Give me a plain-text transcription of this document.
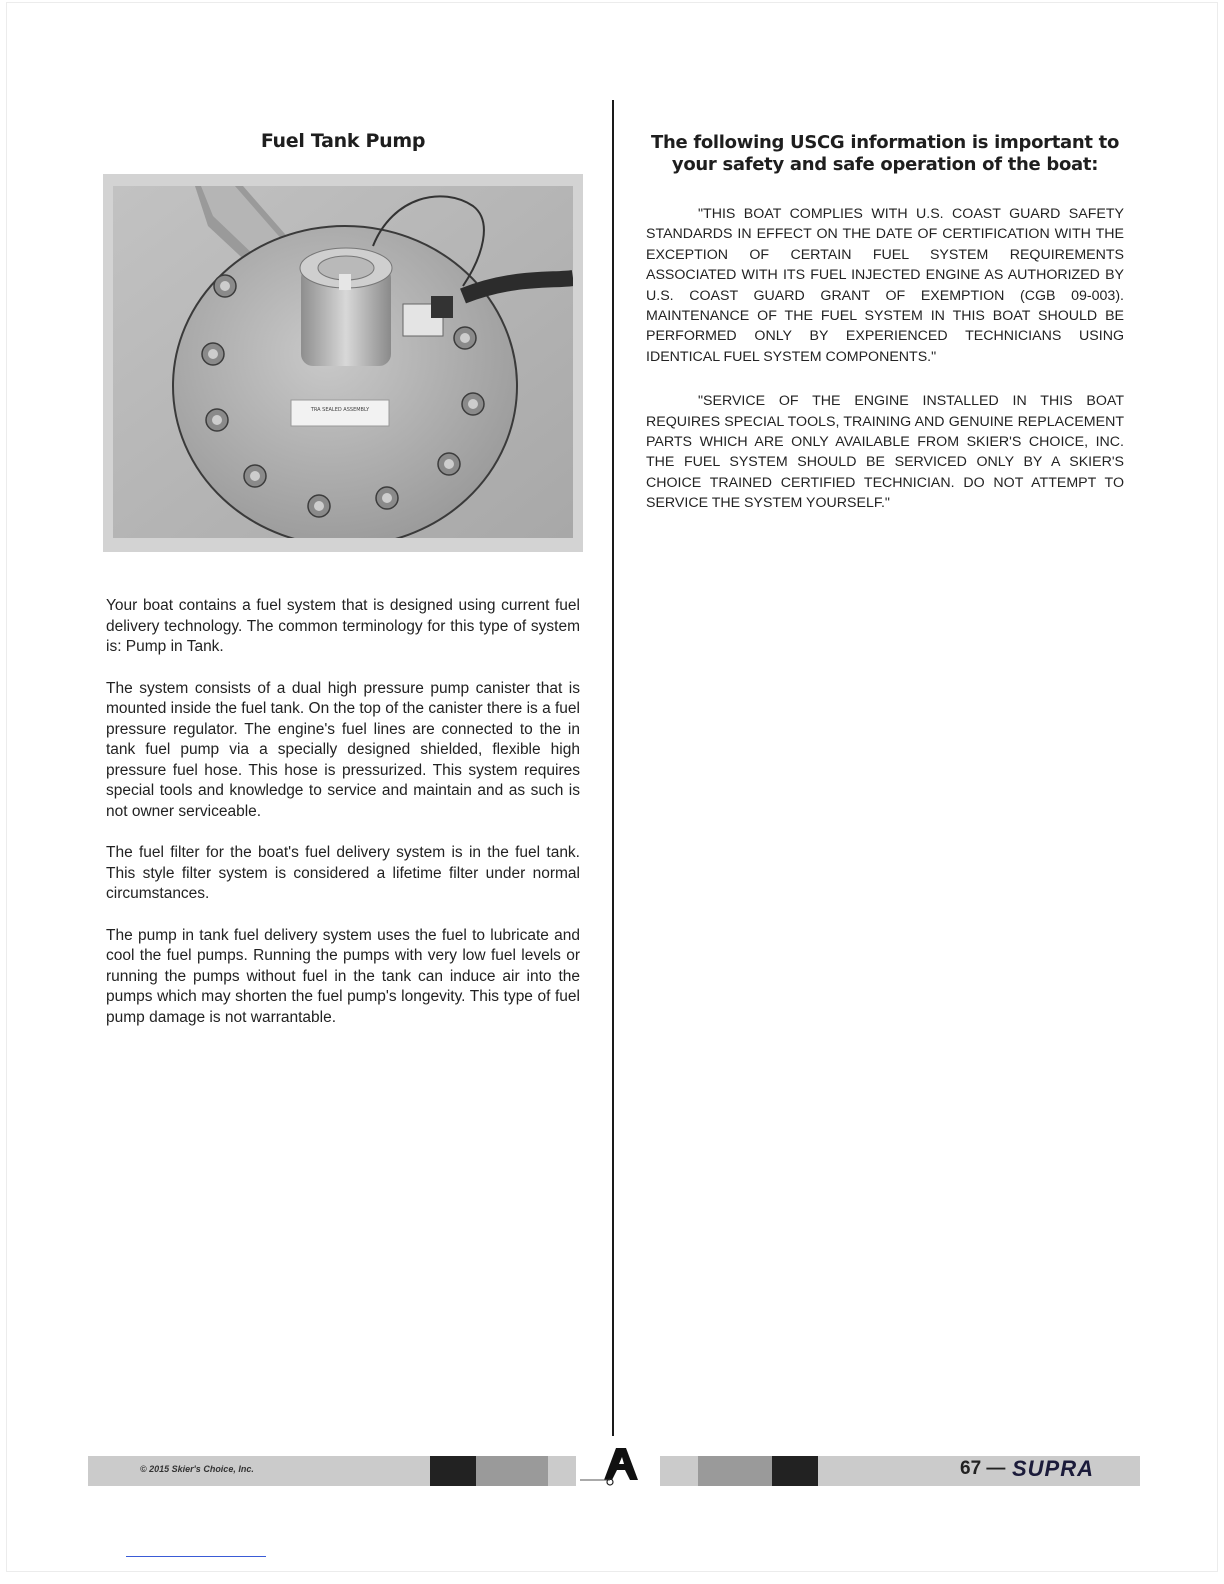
Fuel Tank Pump
TRA SEALED ASSEMBLY

Your boat contains a fuel system that is designed using current fuel delivery technology. The common terminology for this type of system is: Pump in Tank.

The system consists of a dual high pressure pump canister that is mounted inside the fuel tank. On the top of the canister there is a fuel pressure regulator. The engine's fuel lines are connected to the in tank fuel pump via a specially designed shielded, flexible high pressure fuel hose. This hose is pressurized. This system requires special tools and knowledge to service and maintain and as such is not owner serviceable.

The fuel filter for the boat's fuel delivery system is in the fuel tank. This style filter system is considered a lifetime filter under normal circumstances.

The pump in tank fuel delivery system uses the fuel to lubricate and cool the fuel pumps. Running the pumps with very low fuel levels or running the pumps without fuel in the tank can induce air into the pumps which may shorten the fuel pump's longevity. This type of fuel pump damage is not warrantable.

The following USCG information is important to your safety and safe operation of the boat:

"THIS BOAT COMPLIES WITH U.S. COAST GUARD SAFETY STANDARDS IN EFFECT ON THE DATE OF CERTIFICATION WITH THE EXCEPTION OF CERTAIN FUEL SYSTEM REQUIREMENTS ASSOCIATED WITH ITS FUEL INJECTED ENGINE AS AUTHORIZED BY U.S. COAST GUARD GRANT OF EXEMPTION (CGB 09-003). MAINTENANCE OF THE FUEL SYSTEM IN THIS BOAT SHOULD BE PERFORMED ONLY BY EXPERIENCED TECHNICIANS USING IDENTICAL FUEL SYSTEM COMPONENTS."

"SERVICE OF THE ENGINE INSTALLED IN THIS BOAT REQUIRES SPECIAL TOOLS, TRAINING AND GENUINE REPLACEMENT PARTS WHICH ARE ONLY AVAILABLE FROM SKIER'S CHOICE, INC. THE FUEL SYSTEM SHOULD BE SERVICED ONLY BY A SKIER'S CHOICE TRAINED CERTIFIED TECHNICIAN. DO NOT ATTEMPT TO SERVICE THE SYSTEM YOURSELF."

© 2015 Skier's Choice, Inc.	67 — SUPRA
